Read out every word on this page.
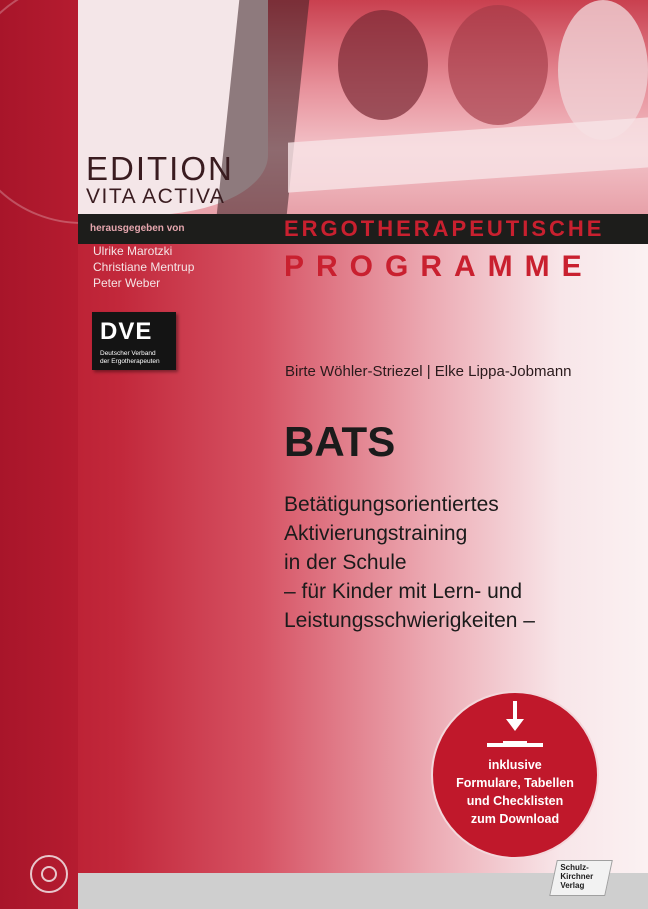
EDITION

VITA ACTIVA

herausgegeben von	ERGOTHERAPEUTISCHE
PROGRAMME
Ulrike Marotzki
Christiane Mentrup
Peter Weber
DVE
Deutscher Verband
der Ergotherapeuten
Birte Wöhler-Striezel | Elke Lippa-Jobmann
BATS
Betätigungsorientiertes
Aktivierungstraining
in der Schule
– für Kinder mit Lern- und
Leistungsschwierigkeiten –
inklusive
Formulare, Tabellen
und Checklisten
zum Download
Schulz-
Kirchner
Verlag
